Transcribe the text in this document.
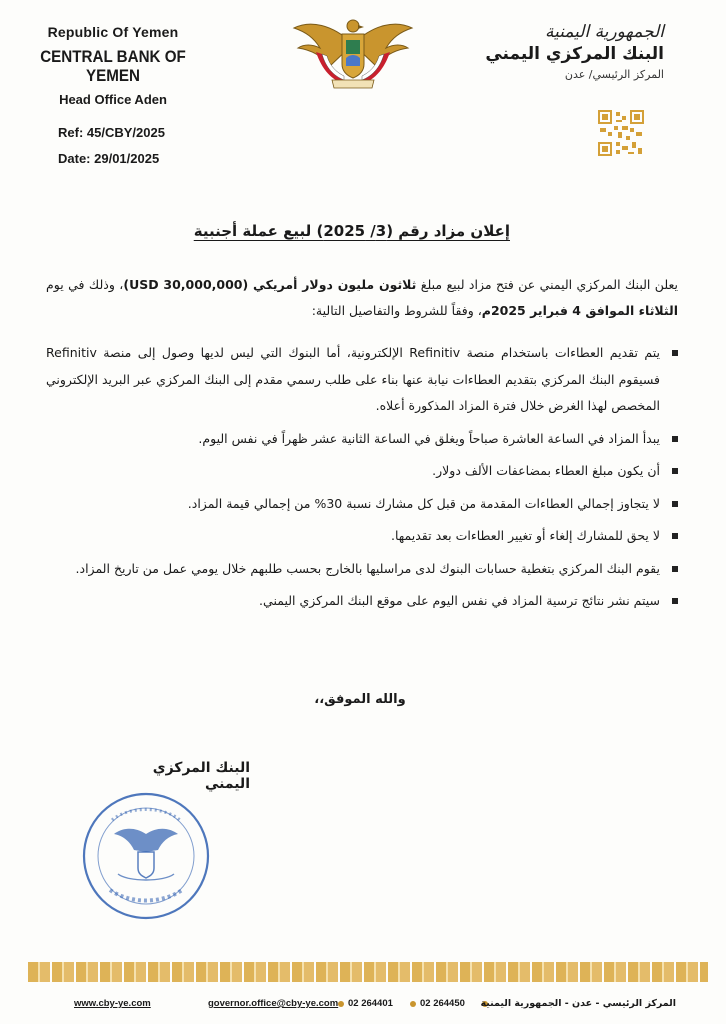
Republic Of Yemen
CENTRAL BANK OF YEMEN
Head Office Aden
Ref: 45/CBY/2025
Date: 29/01/2025
الجمهورية اليمنية
البنك المركزي اليمني
المركز الرئيسي/ عدن
إعلان مزاد رقم (3/ 2025) لبيع عملة أجنبية
يعلن البنك المركزي اليمني عن فتح مزاد لبيع مبلغ ثلاثون مليون دولار أمريكي (USD 30,000,000)، وذلك في يوم الثلاثاء الموافق 4 فبراير 2025م، وفقاً للشروط والتفاصيل التالية:
يتم تقديم العطاءات باستخدام منصة Refinitiv الإلكترونية، أما البنوك التي ليس لديها وصول إلى منصة Refinitiv فسيقوم البنك المركزي بتقديم العطاءات نيابة عنها بناء على طلب رسمي مقدم إلى البنك المركزي عبر البريد الإلكتروني المخصص لهذا الغرض خلال فترة المزاد المذكورة أعلاه.
يبدأ المزاد في الساعة العاشرة صباحاً ويغلق في الساعة الثانية عشر ظهراً في نفس اليوم.
أن يكون مبلغ العطاء بمضاعفات الألف دولار.
لا يتجاوز إجمالي العطاءات المقدمة من قبل كل مشارك نسبة 30% من إجمالي قيمة المزاد.
لا يحق للمشارك إلغاء أو تغيير العطاءات بعد تقديمها.
يقوم البنك المركزي بتغطية حسابات البنوك لدى مراسليها بالخارج بحسب طلبهم خلال يومي عمل من تاريخ المزاد.
سيتم نشر نتائج ترسية المزاد في نفس اليوم على موقع البنك المركزي اليمني.
والله الموفق،،
البنك المركزي اليمني
www.cby-ye.com	governor.office@cby-ye.com 02 264401	02 264450 المركز الرئيسي - عدن - الجمهورية اليمنية
